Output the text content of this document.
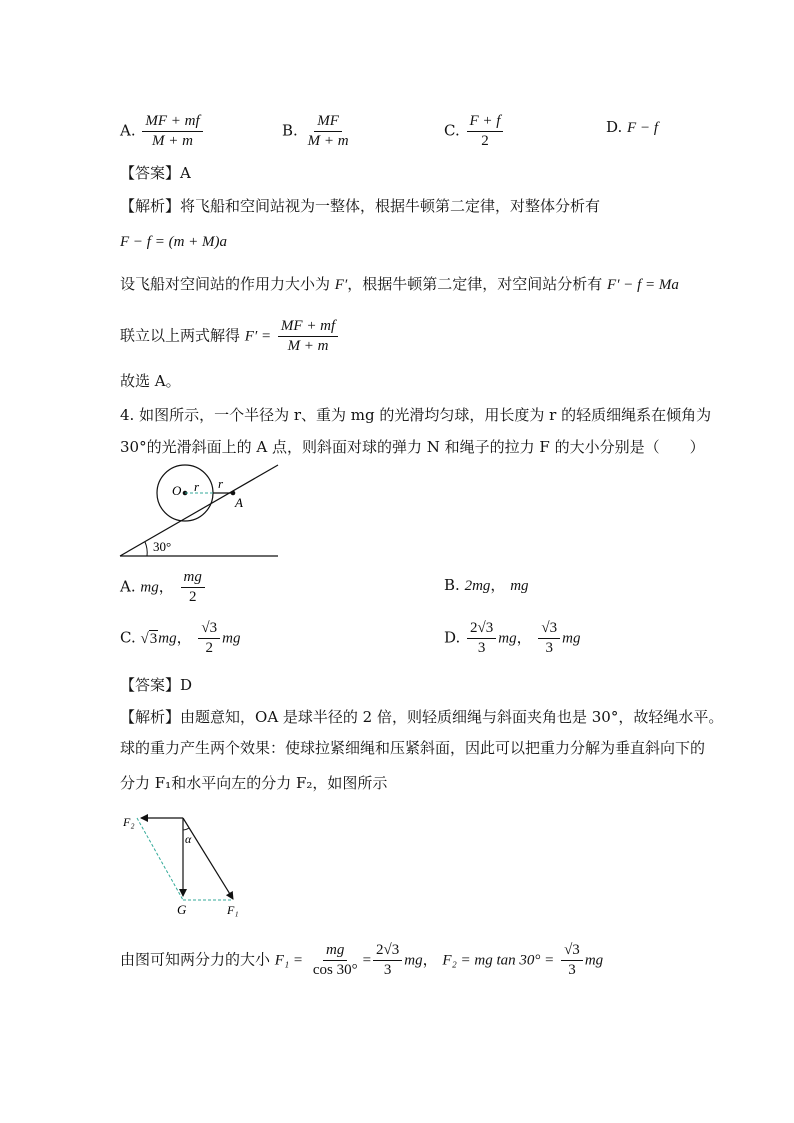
A. $\frac{MF + mf}{M + m}$	B. $\frac{MF}{M + m}$	C. $\frac{F + f}{2}$	D. F − f
【答案】A
【解析】将飞船和空间站视为一整体，根据牛顿第二定律，对整体分析有
F − f = (m + M)a
设飞船对空间站的作用力大小为 F′，根据牛顿第二定律，对空间站分析有 F′ − f = Ma
联立以上两式解得 $F' = \frac{MF + mf}{M + m}$
故选 A。
4. 如图所示，一个半径为 r、重为 mg 的光滑均匀球，用长度为 r 的轻质细绳系在倾角为
30°的光滑斜面上的 A 点，则斜面对球的弹力 N 和绳子的拉力 F 的大小分别是（　　）
O r r
A
30°
A. mg， $\frac{mg}{2}$	B. 2mg， mg
C. √3mg， $\frac{√3}{2}$ mg	D. $\frac{2√3}{3}$ mg， $\frac{√3}{3}$ mg
【答案】D
【解析】由题意知，OA 是球半径的 2 倍，则轻质细绳与斜面夹角也是 30°，故轻绳水平。
球的重力产生两个效果：使球拉紧细绳和压紧斜面，因此可以把重力分解为垂直斜向下的
分力 F₁和水平向左的分力 F₂，如图所示
F₂
α
G	F₁
由图可知两分力的大小 $F_1 = \frac{mg}{\cos 30^\circ} = \frac{2√3}{3}$ mg， F₂ = mg $\tan 30^\circ = \frac{√3}{3}$ mg
